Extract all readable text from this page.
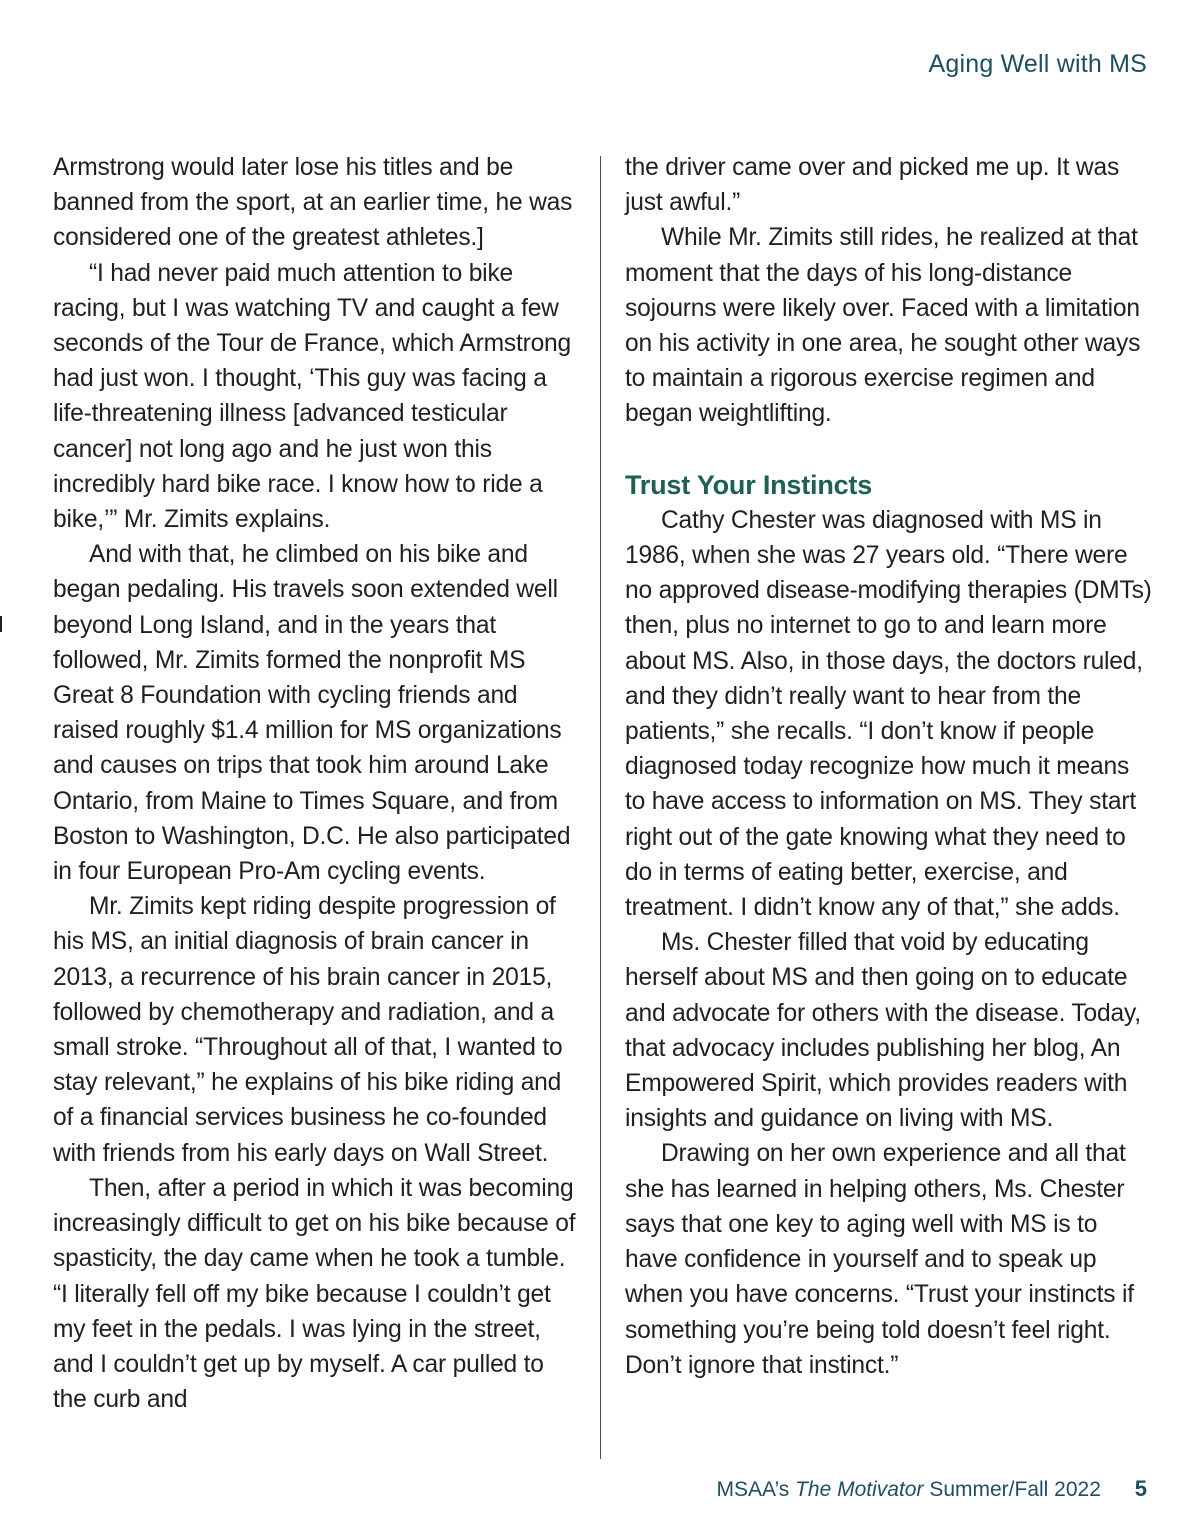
Aging Well with MS

Armstrong would later lose his titles and be banned from the sport, at an earlier time, he was considered one of the greatest athletes.]

“I had never paid much attention to bike racing, but I was watching TV and caught a few seconds of the Tour de France, which Armstrong had just won. I thought, ‘This guy was facing a life-threatening illness [advanced testicular cancer] not long ago and he just won this incredibly hard bike race. I know how to ride a bike,’” Mr. Zimits explains.

And with that, he climbed on his bike and began pedaling. His travels soon extended well beyond Long Island, and in the years that followed, Mr. Zimits formed the nonprofit MS Great 8 Foundation with cycling friends and raised roughly $1.4 million for MS organizations and causes on trips that took him around Lake Ontario, from Maine to Times Square, and from Boston to Washington, D.C. He also participated in four European Pro-Am cycling events.

Mr. Zimits kept riding despite progression of his MS, an initial diagnosis of brain cancer in 2013, a recurrence of his brain cancer in 2015, followed by chemotherapy and radiation, and a small stroke. “Throughout all of that, I wanted to stay relevant,” he explains of his bike riding and of a financial services business he co-founded with friends from his early days on Wall Street.

Then, after a period in which it was becoming increasingly difficult to get on his bike because of spasticity, the day came when he took a tumble. “I literally fell off my bike because I couldn’t get my feet in the pedals. I was lying in the street, and I couldn’t get up by myself. A car pulled to the curb and

the driver came over and picked me up. It was just awful.”

While Mr. Zimits still rides, he realized at that moment that the days of his long-distance sojourns were likely over. Faced with a limitation on his activity in one area, he sought other ways to maintain a rigorous exercise regimen and began weightlifting.

Trust Your Instincts

Cathy Chester was diagnosed with MS in 1986, when she was 27 years old. “There were no approved disease-modifying therapies (DMTs) then, plus no internet to go to and learn more about MS. Also, in those days, the doctors ruled, and they didn’t really want to hear from the patients,” she recalls. “I don’t know if people diagnosed today recognize how much it means to have access to information on MS. They start right out of the gate knowing what they need to do in terms of eating better, exercise, and treatment. I didn’t know any of that,” she adds.

Ms. Chester filled that void by educating herself about MS and then going on to educate and advocate for others with the disease. Today, that advocacy includes publishing her blog, An Empowered Spirit, which provides readers with insights and guidance on living with MS.

Drawing on her own experience and all that she has learned in helping others, Ms. Chester says that one key to aging well with MS is to have confidence in yourself and to speak up when you have concerns. “Trust your instincts if something you’re being told doesn’t feel right. Don’t ignore that instinct.”

MSAA’s The Motivator Summer/Fall 2022 5
